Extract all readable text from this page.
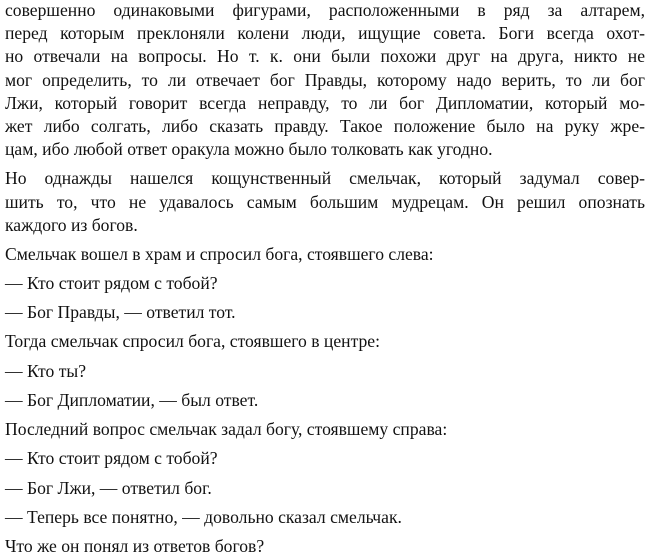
совершенно одинаковыми фигурами, расположенными в ряд за алтарем,
перед которым преклоняли колени люди, ищущие совета. Боги всегда охот-
но отвечали на вопросы. Но т. к. они были похожи друг на друга, никто не
мог определить, то ли отвечает бог Правды, которому надо верить, то ли бог
Лжи, который говорит всегда неправду, то ли бог Дипломатии, который мо-
жет либо солгать, либо сказать правду. Такое положение было на руку жре-
цам, ибо любой ответ оракула можно было толковать как угодно.
Но однажды нашелся кощунственный смельчак, который задумал совер-
шить то, что не удавалось самым большим мудрецам. Он решил опознать
каждого из богов.

Смельчак вошел в храм и спросил бога, стоявшего слева:

— Кто стоит рядом с тобой?

— Бог Правды, — ответил тот.

Тогда смельчак спросил бога, стоявшего в центре:

— Кто ты?

— Бог Дипломатии, — был ответ.

Последний вопрос смельчак задал богу, стоявшему справа:

— Кто стоит рядом с тобой?

— Бог Лжи, — ответил бог.

— Теперь все понятно, — довольно сказал смельчак.

Что же он понял из ответов богов?
